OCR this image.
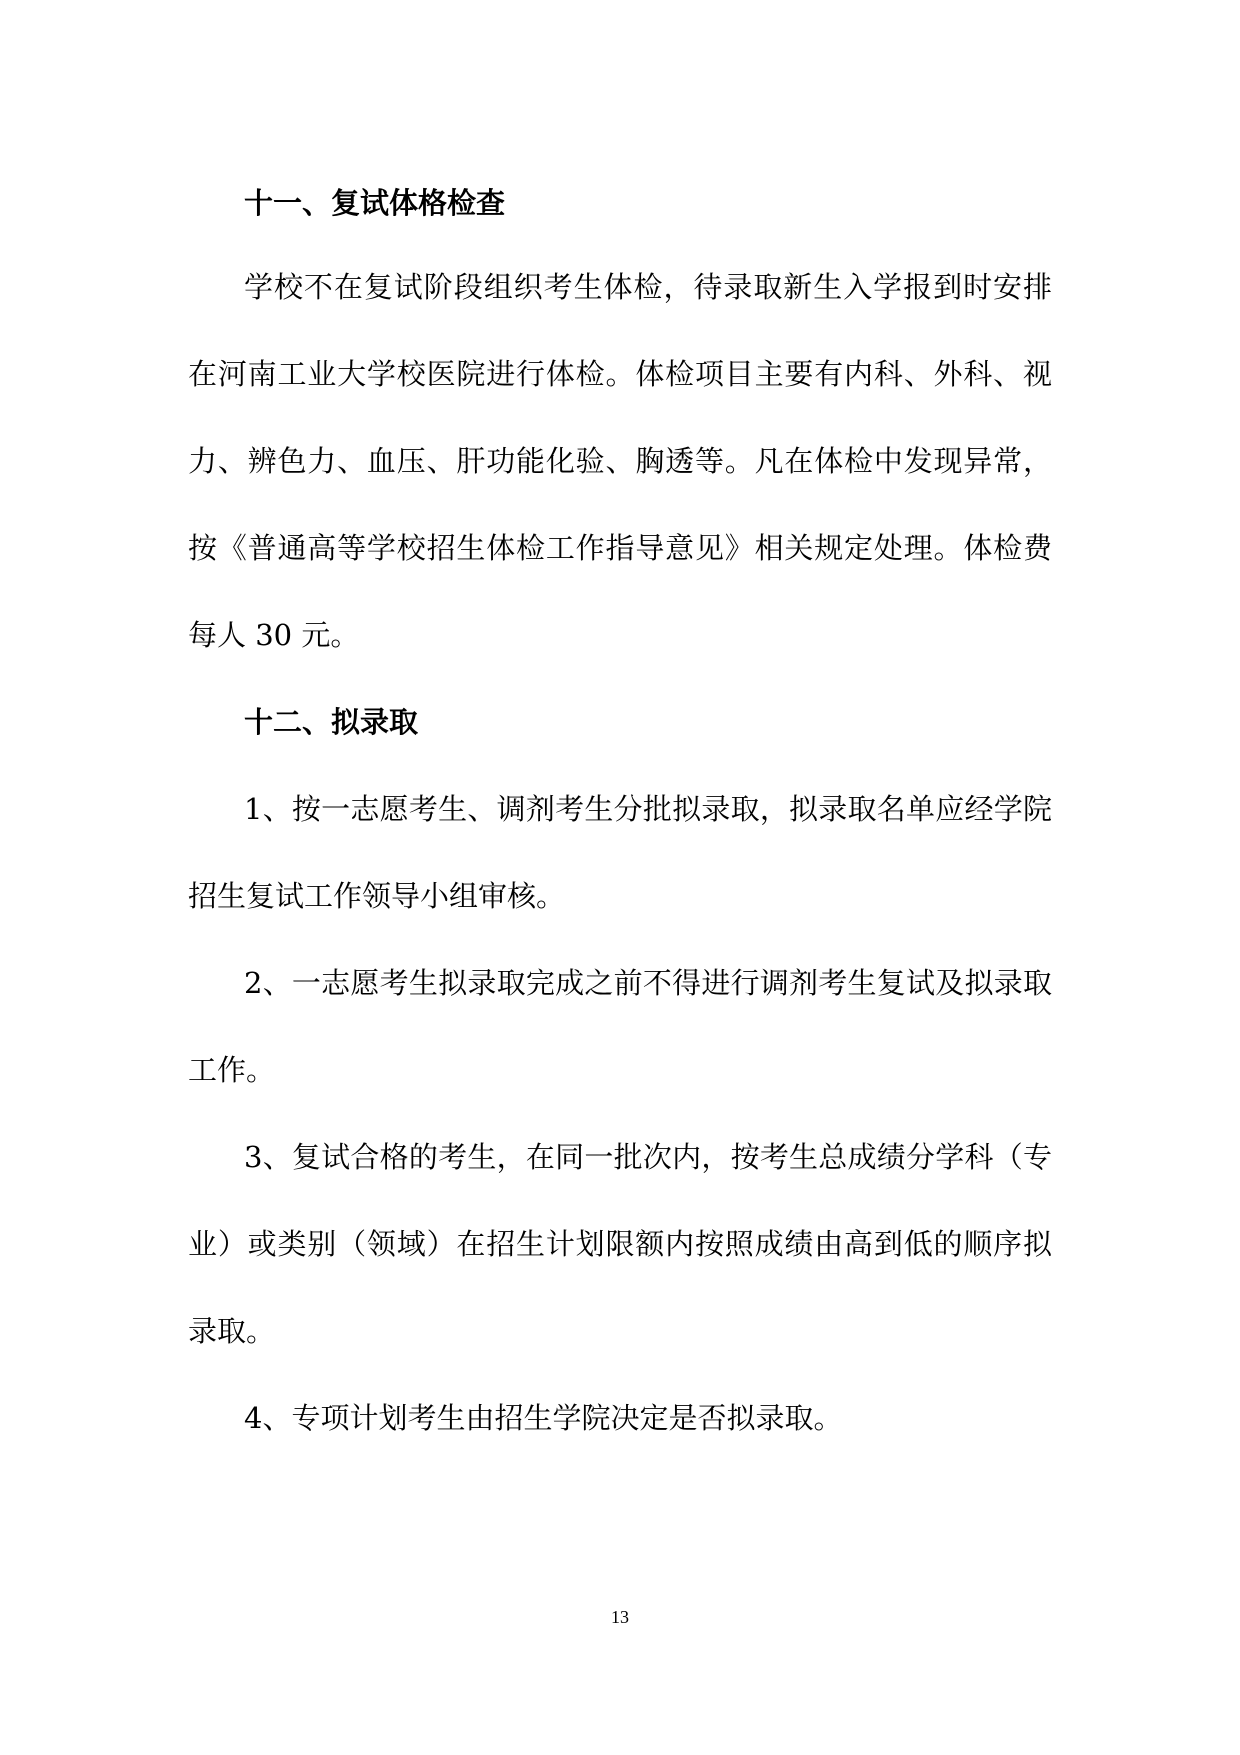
十一、复试体格检查
学校不在复试阶段组织考生体检，待录取新生入学报到时安排
在河南工业大学校医院进行体检。体检项目主要有内科、外科、视
力、辨色力、血压、肝功能化验、胸透等。凡在体检中发现异常，
按《普通高等学校招生体检工作指导意见》相关规定处理。体检费
每人 30 元。
十二、拟录取
1、按一志愿考生、调剂考生分批拟录取，拟录取名单应经学院
招生复试工作领导小组审核。
2、一志愿考生拟录取完成之前不得进行调剂考生复试及拟录取
工作。
3、复试合格的考生，在同一批次内，按考生总成绩分学科（专
业）或类别（领域）在招生计划限额内按照成绩由高到低的顺序拟
录取。
4、专项计划考生由招生学院决定是否拟录取。
13
